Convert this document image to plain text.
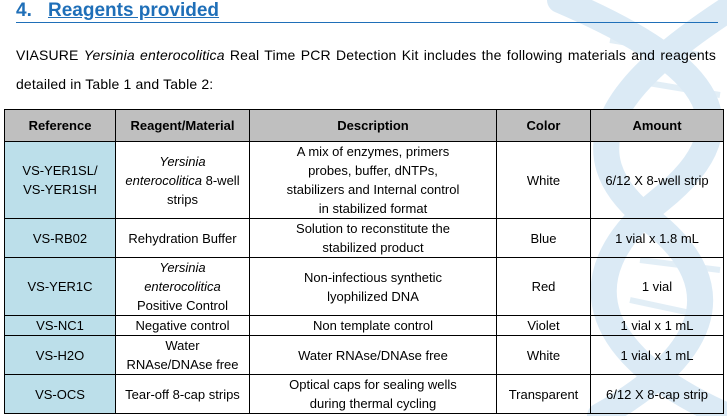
4. Reagents provided
VIASURE Yersinia enterocolitica Real Time PCR Detection Kit includes the following materials and reagents
detailed in Table 1 and Table 2:
Reference	Reagent/Material	Description	Color	Amount
VS-YER1SL/
VS-YER1SH	Yersinia
enterocolitica 8-well
strips	A mix of enzymes, primers
probes, buffer, dNTPs,
stabilizers and Internal control
in stabilized format	White	6/12 X 8-well strip
VS-RB02	Rehydration Buffer	Solution to reconstitute the
stabilized product	Blue	1 vial x 1.8 mL
VS-YER1C	Yersinia
enterocolitica
Positive Control	Non-infectious synthetic
lyophilized DNA	Red	1 vial
VS-NC1	Negative control	Non template control	Violet	1 vial x 1 mL
VS-H2O	Water
RNAse/DNAse free	Water RNAse/DNAse free	White	1 vial x 1 mL
VS-OCS	Tear-off 8-cap strips	Optical caps for sealing wells
during thermal cycling	Transparent	6/12 X 8-cap strip
